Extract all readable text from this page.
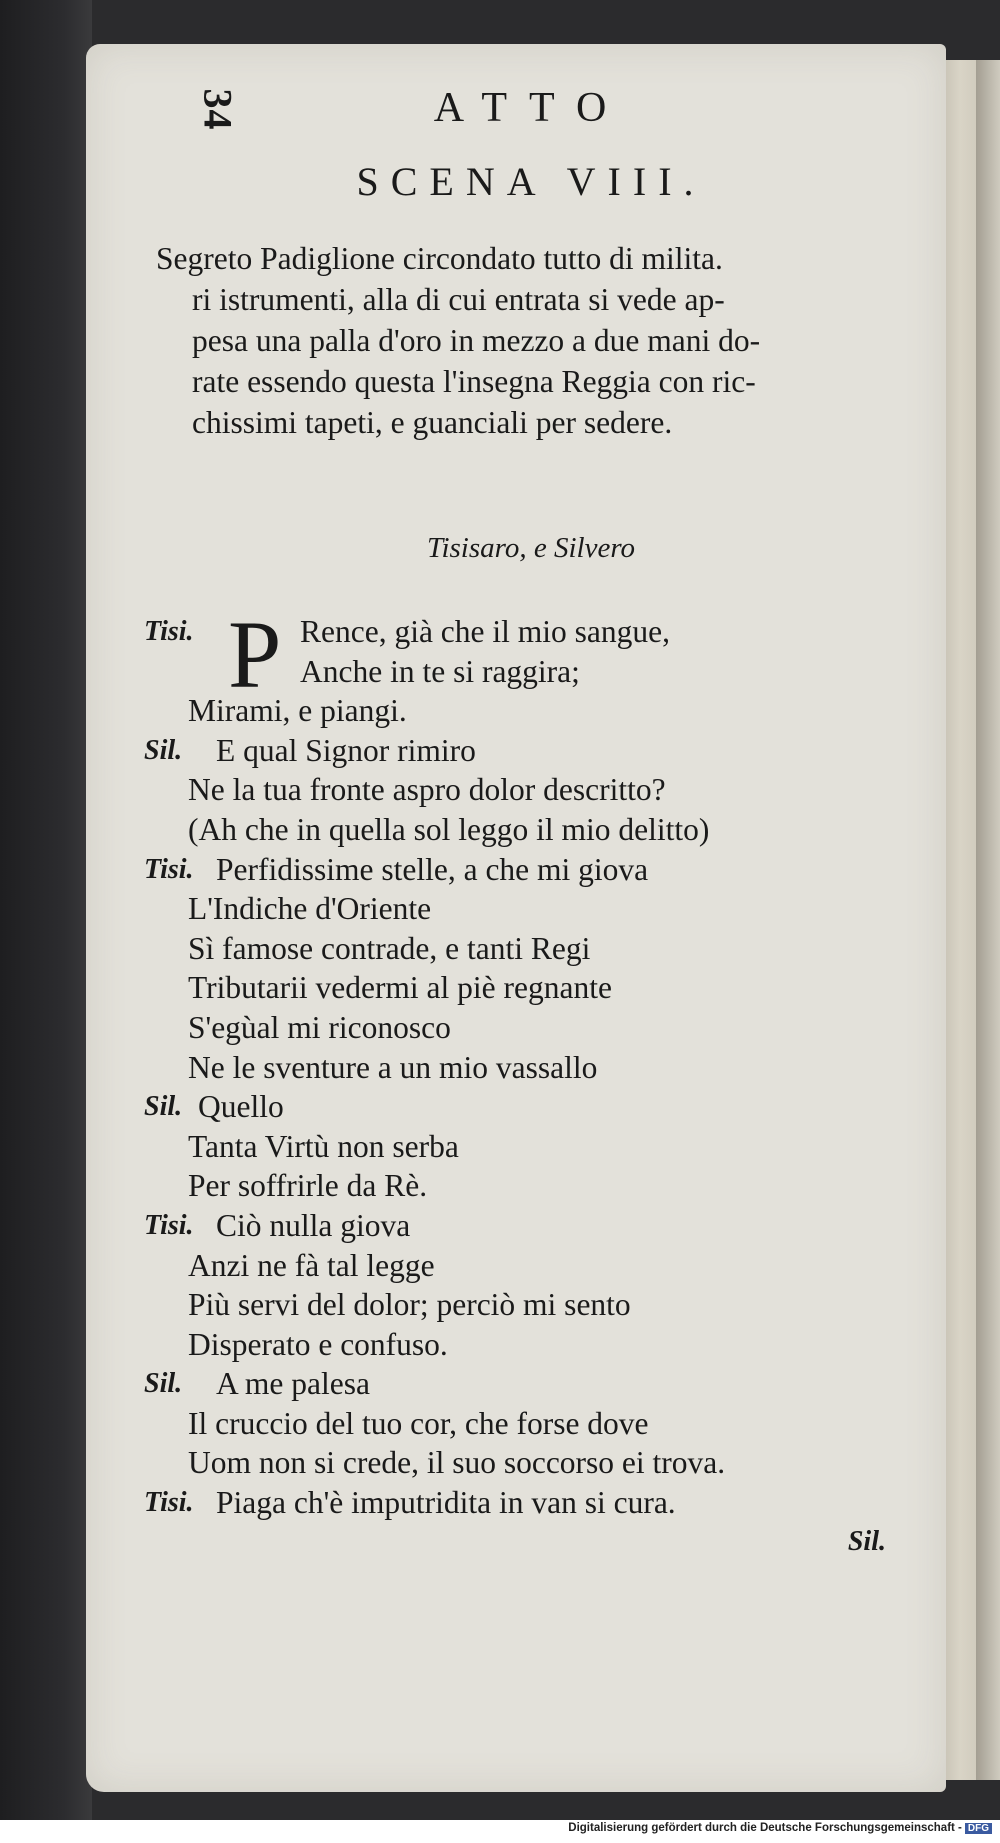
34	ATTO
SCENA VIII.
Segreto Padiglione circondato tutto di milita.
ri istrumenti, alla di cui entrata si vede ap-
pesa una palla d'oro in mezzo a due mani do-
rate essendo questa l'insegna Reggia con ric-
chissimi tapeti, e guanciali per sedere.
Tisisaro, e Silvero
Tisi. P Rence, già che il mio sangue,
Anche in te si raggira;
Mirami, e piangi.
Sil. E qual Signor rimiro
Ne la tua fronte aspro dolor descritto?
(Ah che in quella sol leggo il mio delitto)
Tisi. Perfidissime stelle, a che mi giova
L'Indiche d'Oriente
Sì famose contrade, e tanti Regi
Tributarii vedermi al piè regnante
S'egùal mi riconosco
Ne le sventure a un mio vassallo
Sil. Quello
Tanta Virtù non serba
Per soffrirle da Rè.
Tisi. Ciò nulla giova
Anzi ne fà tal legge
Più servi del dolor; perciò mi sento
Disperato e confuso.
Sil. A me palesa
Il cruccio del tuo cor, che forse dove
Uom non si crede, il suo soccorso ei trova.
Tisi. Piaga ch'è imputridita in van si cura.
Sil.
Digitalisierung gefördert durch die Deutsche Forschungsgemeinschaft - DFG
